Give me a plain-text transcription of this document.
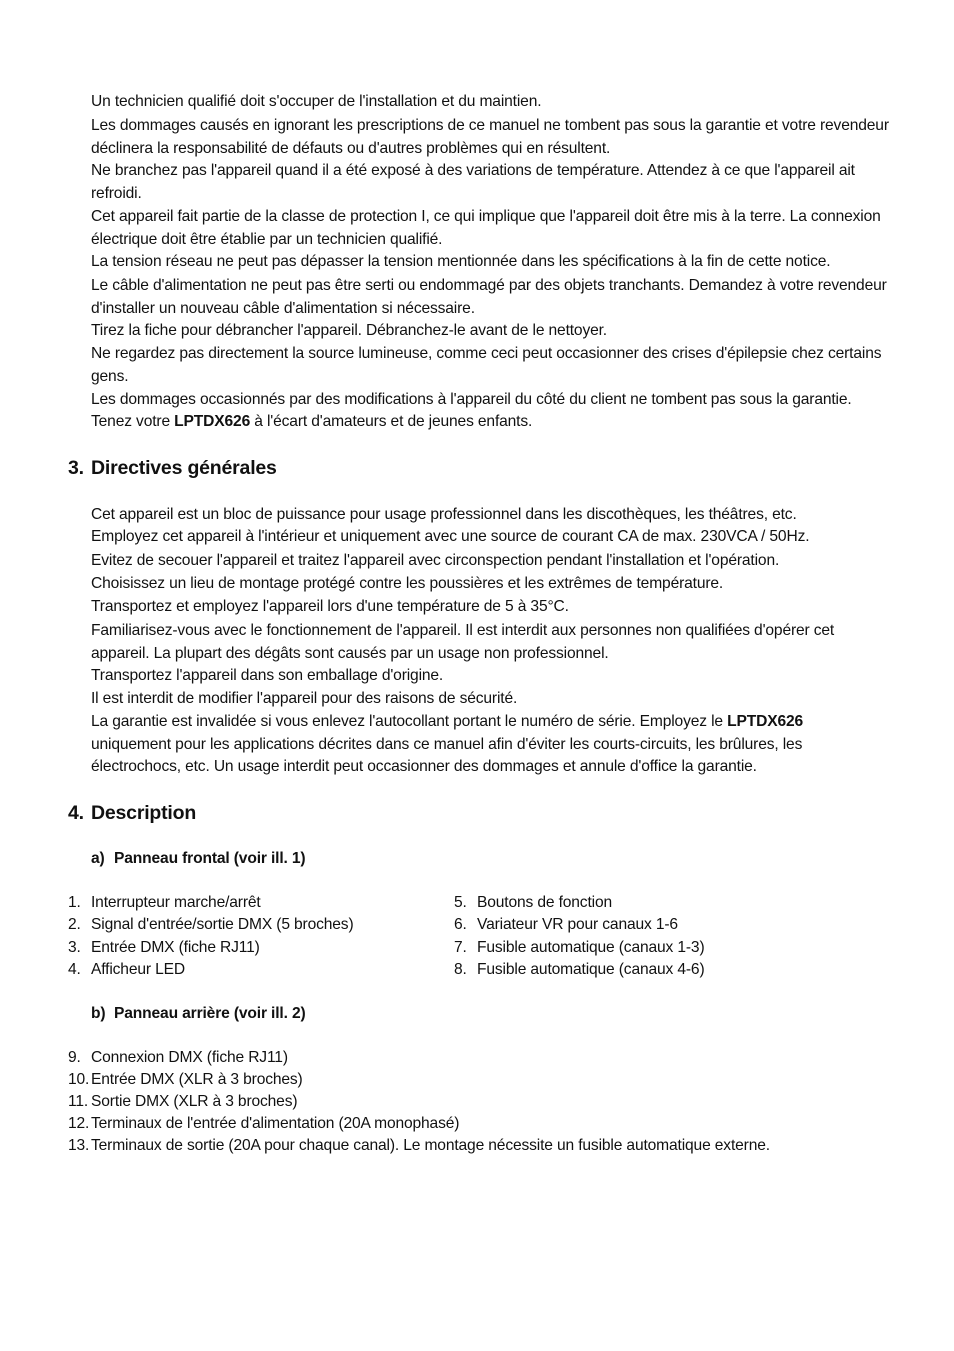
Un technicien qualifié doit s'occuper de l'installation et du maintien.

Les dommages causés en ignorant les prescriptions de ce manuel ne tombent pas sous la garantie et votre revendeur déclinera la responsabilité de défauts ou d'autres problèmes qui en résultent.

Ne branchez pas l'appareil quand il a été exposé à des variations de température. Attendez à ce que l'appareil ait refroidi.

Cet appareil fait partie de la classe de protection I, ce qui implique que l'appareil doit être mis à la terre. La connexion électrique doit être établie par un technicien qualifié.

La tension réseau ne peut pas dépasser la tension mentionnée dans les spécifications à la fin de cette notice.

Le câble d'alimentation ne peut pas être serti ou endommagé par des objets tranchants. Demandez à votre revendeur d'installer un nouveau câble d'alimentation si nécessaire.

Tirez la fiche pour débrancher l'appareil. Débranchez-le avant de le nettoyer.

Ne regardez pas directement la source lumineuse, comme ceci peut occasionner des crises d'épilepsie chez certains gens.

Les dommages occasionnés par des modifications à l'appareil du côté du client ne tombent pas sous la garantie.

Tenez votre LPTDX626 à l'écart d'amateurs et de jeunes enfants.

3. Directives générales

Cet appareil est un bloc de puissance pour usage professionnel dans les discothèques, les théâtres, etc.

Employez cet appareil à l'intérieur et uniquement avec une source de courant CA de max. 230VCA / 50Hz.

Evitez de secouer l'appareil et traitez l'appareil avec circonspection pendant l'installation et l'opération.

Choisissez un lieu de montage protégé contre les poussières et les extrêmes de température.

Transportez et employez l'appareil lors d'une température de 5 à 35°C.

Familiarisez-vous avec le fonctionnement de l'appareil. Il est interdit aux personnes non qualifiées d'opérer cet appareil. La plupart des dégâts sont causés par un usage non professionnel.

Transportez l'appareil dans son emballage d'origine.

Il est interdit de modifier l'appareil pour des raisons de sécurité.

La garantie est invalidée si vous enlevez l'autocollant portant le numéro de série. Employez le LPTDX626 uniquement pour les applications décrites dans ce manuel afin d'éviter les courts-circuits, les brûlures, les électrochocs, etc. Un usage interdit peut occasionner des dommages et annule d'office la garantie.

4. Description
a) Panneau frontal (voir ill. 1)
1. Interrupteur marche/arrêt
2. Signal d'entrée/sortie DMX (5 broches)
3. Entrée DMX (fiche RJ11)
4. Afficheur LED
5. Boutons de fonction
6. Variateur VR pour canaux 1-6
7. Fusible automatique (canaux 1-3)
8. Fusible automatique (canaux 4-6)
b) Panneau arrière (voir ill. 2)
9. Connexion DMX (fiche RJ11)
10. Entrée DMX (XLR à 3 broches)
11. Sortie DMX (XLR à 3 broches)
12. Terminaux de l'entrée d'alimentation (20A monophasé)
13. Terminaux de sortie (20A pour chaque canal). Le montage nécessite un fusible automatique externe.
